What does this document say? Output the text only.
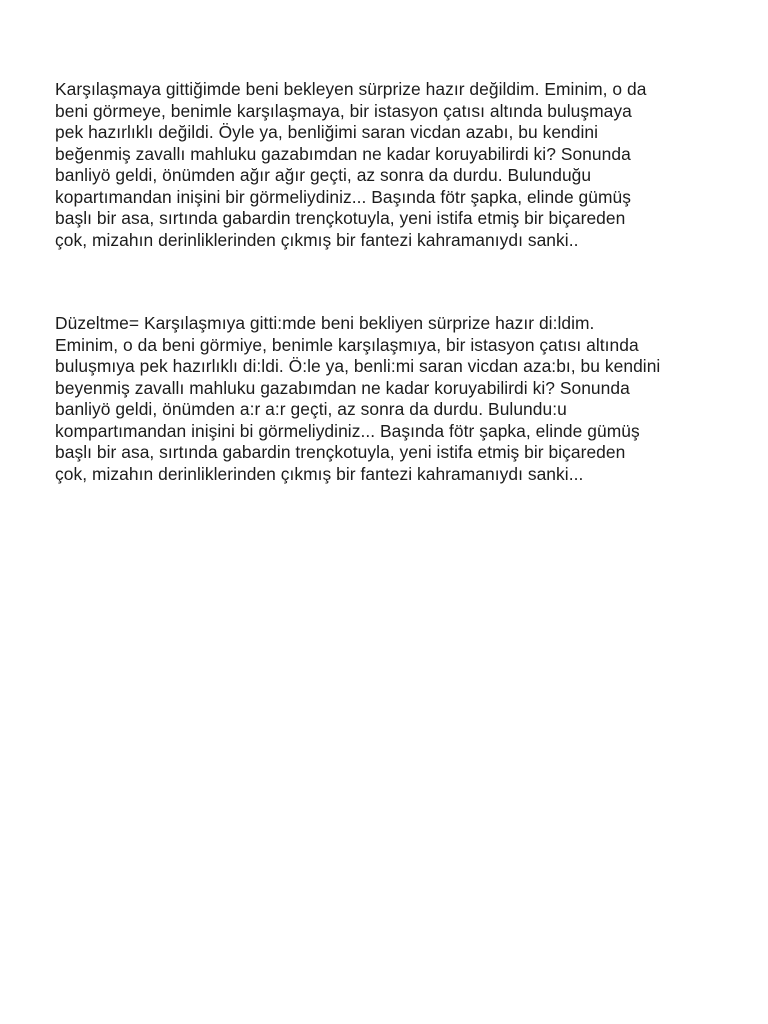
Karşılaşmaya gittiğimde beni bekleyen sürprize hazır değildim. Eminim, o da
beni görmeye, benimle karşılaşmaya, bir istasyon çatısı altında buluşmaya
pek hazırlıklı değildi. Öyle ya, benliğimi saran vicdan azabı, bu kendini
beğenmiş zavallı mahluku gazabımdan ne kadar koruyabilirdi ki? Sonunda
banliyö geldi, önümden ağır ağır geçti, az sonra da durdu. Bulunduğu
kopartımandan inişini bir görmeliydiniz... Başında fötr şapka, elinde gümüş
başlı bir asa, sırtında gabardin trençkotuyla, yeni istifa etmiş bir biçareden
çok, mizahın derinliklerinden çıkmış bir fantezi kahramanıydı sanki..
Düzeltme= Karşılaşmıya gitti:mde beni bekliyen sürprize hazır di:ldim.
Eminim, o da beni görmiye, benimle karşılaşmıya, bir istasyon çatısı altında
buluşmıya pek hazırlıklı di:ldi. Ö:le ya, benli:mi saran vicdan aza:bı, bu kendini
beyenmiş zavallı mahluku gazabımdan ne kadar koruyabilirdi ki? Sonunda
banliyö geldi, önümden a:r a:r geçti, az sonra da durdu. Bulundu:u
kompartımandan inişini bi görmeliydiniz... Başında fötr şapka, elinde gümüş
başlı bir asa, sırtında gabardin trençkotuyla, yeni istifa etmiş bir biçareden
çok, mizahın derinliklerinden çıkmış bir fantezi kahramanıydı sanki...
